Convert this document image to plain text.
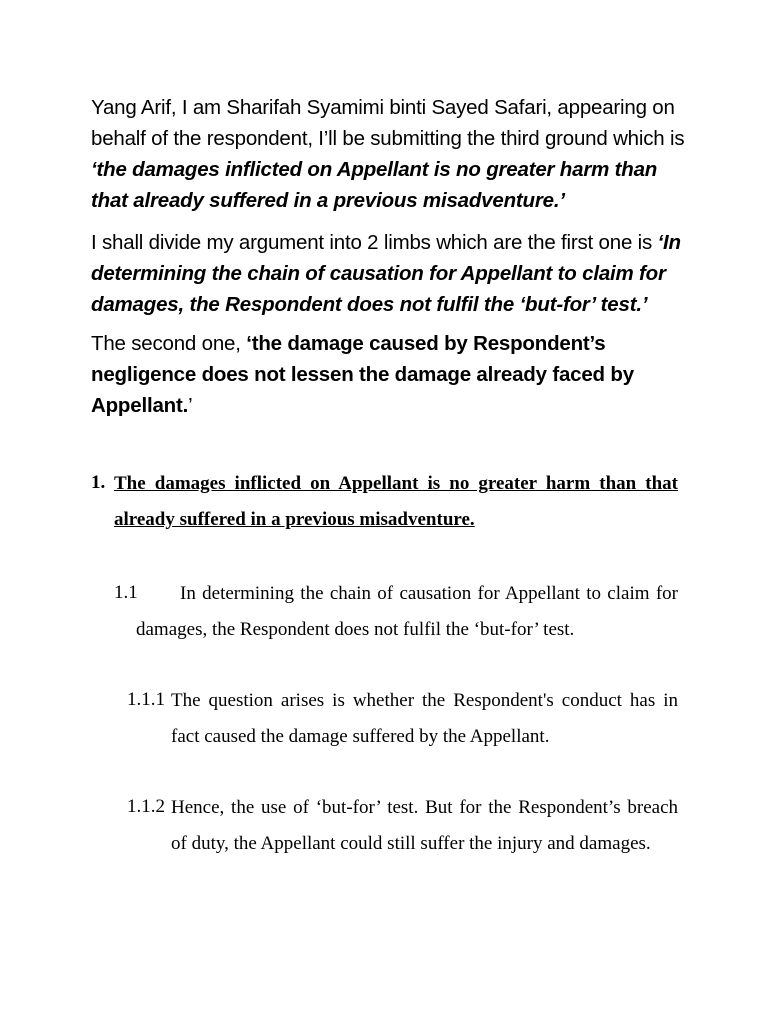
Yang Arif, I am Sharifah Syamimi binti Sayed Safari, appearing on behalf of the respondent, I’ll be submitting the third ground which is ‘the damages inflicted on Appellant is no greater harm than that already suffered in a previous misadventure.’

I shall divide my argument into 2 limbs which are the first one is ‘In determining the chain of causation for Appellant to claim for damages, the Respondent does not fulfil the ‘but-for’ test.’

The second one, ‘the damage caused by Respondent’s negligence does not lessen the damage already faced by Appellant.’

1. The damages inflicted on Appellant is no greater harm than that already suffered in a previous misadventure.
1.1	In determining the chain of causation for Appellant to claim for damages, the Respondent does not fulfil the ‘but-for’ test.
1.1.1 The question arises is whether the Respondent's conduct has in fact caused the damage suffered by the Appellant.
1.1.2 Hence, the use of ‘but-for’ test. But for the Respondent’s breach of duty, the Appellant could still suffer the injury and damages.
